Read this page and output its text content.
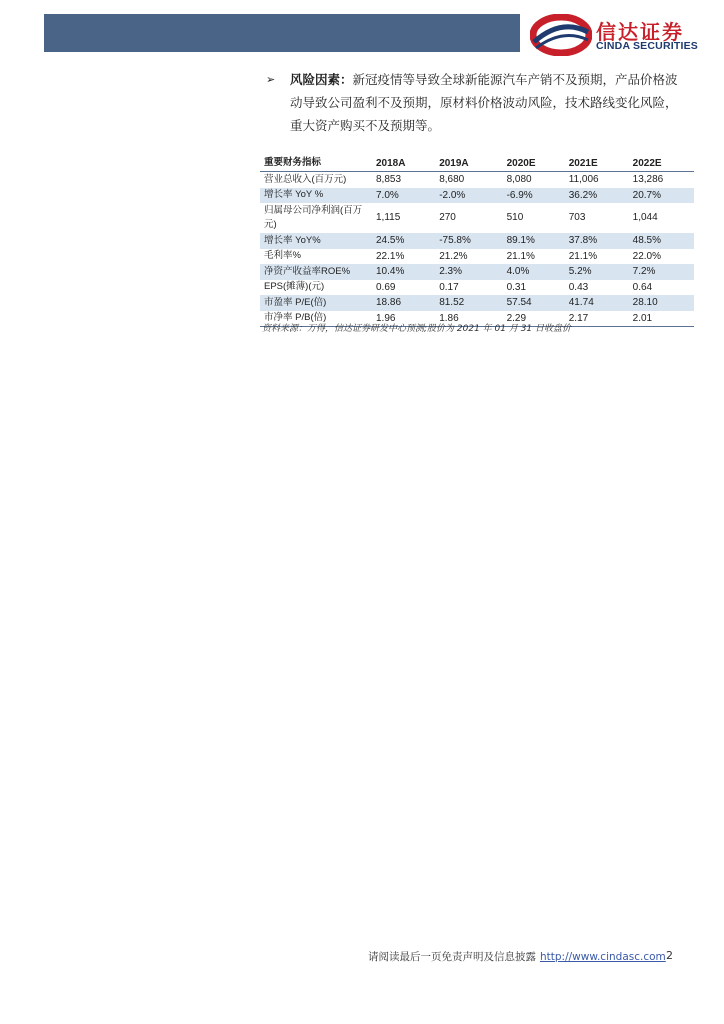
信达证券
CINDA SECURITIES
➢ 风险因素：新冠疫情等导致全球新能源汽车产销不及预期，产品价格波动导致公司盈利不及预期，原材料价格波动风险，技术路线变化风险，重大资产购买不及预期等。
重要财务指标	2018A	2019A	2020E	2021E	2022E
营业总收入(百万元)	8,853	8,680	8,080	11,006	13,286
增长率 YoY %	7.0%	-2.0%	-6.9%	36.2%	20.7%
归属母公司净利润(百万元)	1,115	270	510	703	1,044
增长率 YoY%	24.5%	-75.8%	89.1%	37.8%	48.5%
毛利率%	22.1%	21.2%	21.1%	21.1%	22.0%
净资产收益率ROE%	10.4%	2.3%	4.0%	5.2%	7.2%
EPS(摊薄)(元)	0.69	0.17	0.31	0.43	0.64
市盈率 P/E(倍)	18.86	81.52	57.54	41.74	28.10
市净率 P/B(倍)	1.96	1.86	2.29	2.17	2.01
资料来源：万得，信达证券研发中心预测;股价为 2021 年 01 月 31 日收盘价
请阅读最后一页免责声明及信息披露 http://www.cindasc.com 2
